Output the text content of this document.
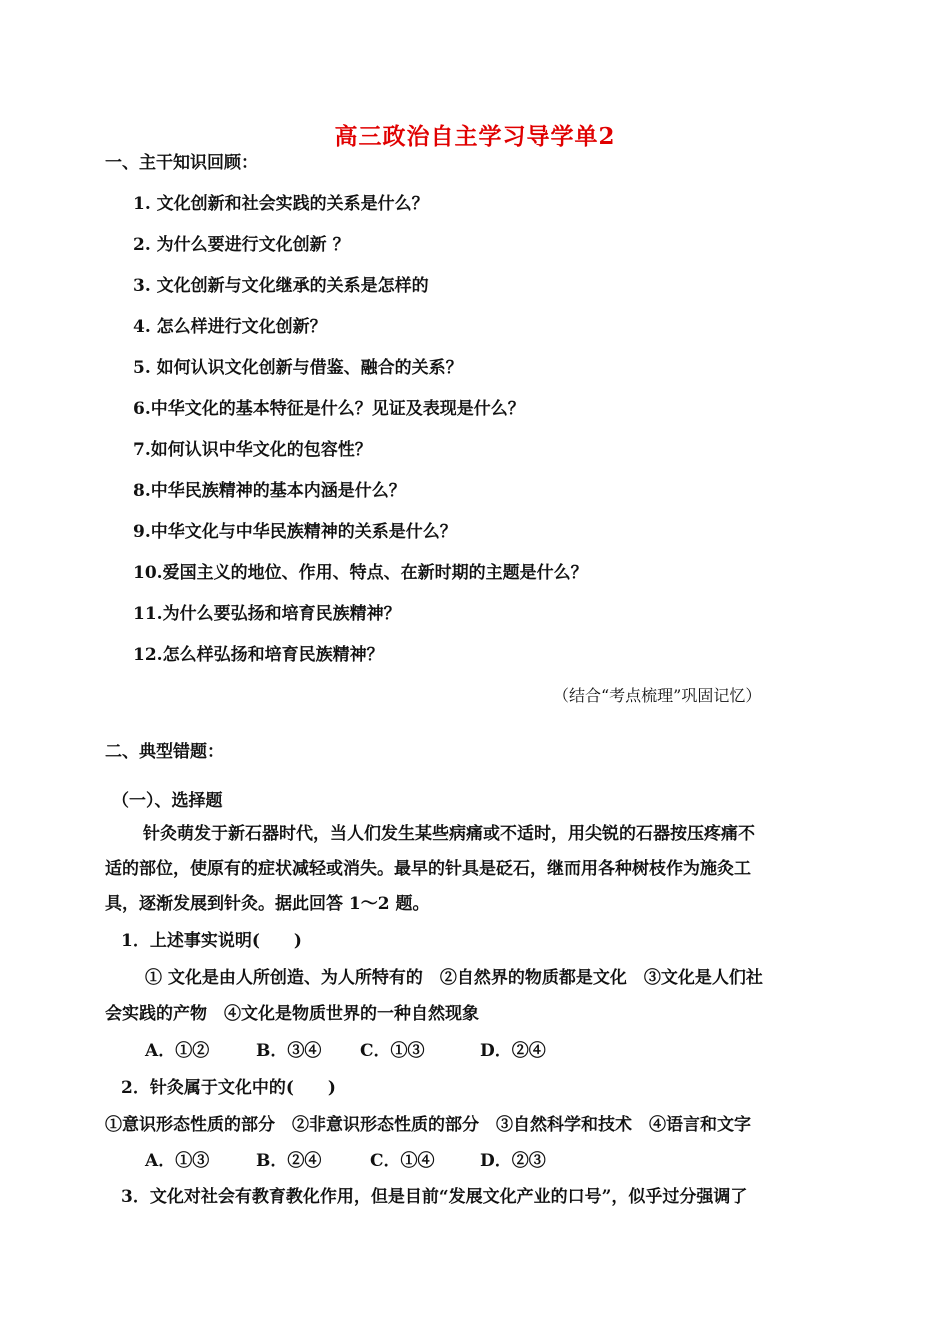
高三政治自主学习导学单2
一、主干知识回顾：
1. 文化创新和社会实践的关系是什么？
2. 为什么要进行文化创新 ？
3. 文化创新与文化继承的关系是怎样的
4. 怎么样进行文化创新？
5. 如何认识文化创新与借鉴、融合的关系？
6.中华文化的基本特征是什么？见证及表现是什么？
7.如何认识中华文化的包容性？
8.中华民族精神的基本内涵是什么？
9.中华文化与中华民族精神的关系是什么？
10.爱国主义的地位、作用、特点、在新时期的主题是什么？
11.为什么要弘扬和培育民族精神？
12.怎么样弘扬和培育民族精神？
（结合“考点梳理”巩固记忆）
二、典型错题：
（一）、选择题
针灸萌发于新石器时代，当人们发生某些病痛或不适时，用尖锐的石器按压疼痛不
适的部位，使原有的症状减轻或消失。最早的针具是砭石，继而用各种树枝作为施灸工
具，逐渐发展到针灸。据此回答 1～2 题。
1．上述事实说明(　　)
① 文化是由人所创造、为人所特有的　②自然界的物质都是文化　③文化是人们社
会实践的产物　④文化是物质世界的一种自然现象
A．①②	B．③④ C．①③	D．②④
2．针灸属于文化中的(　　)
①意识形态性质的部分　②非意识形态性质的部分　③自然科学和技术　④语言和文字
A．①③	B．②④	C．①④	D．②③
3．文化对社会有教育教化作用，但是目前“发展文化产业的口号”，似乎过分强调了
